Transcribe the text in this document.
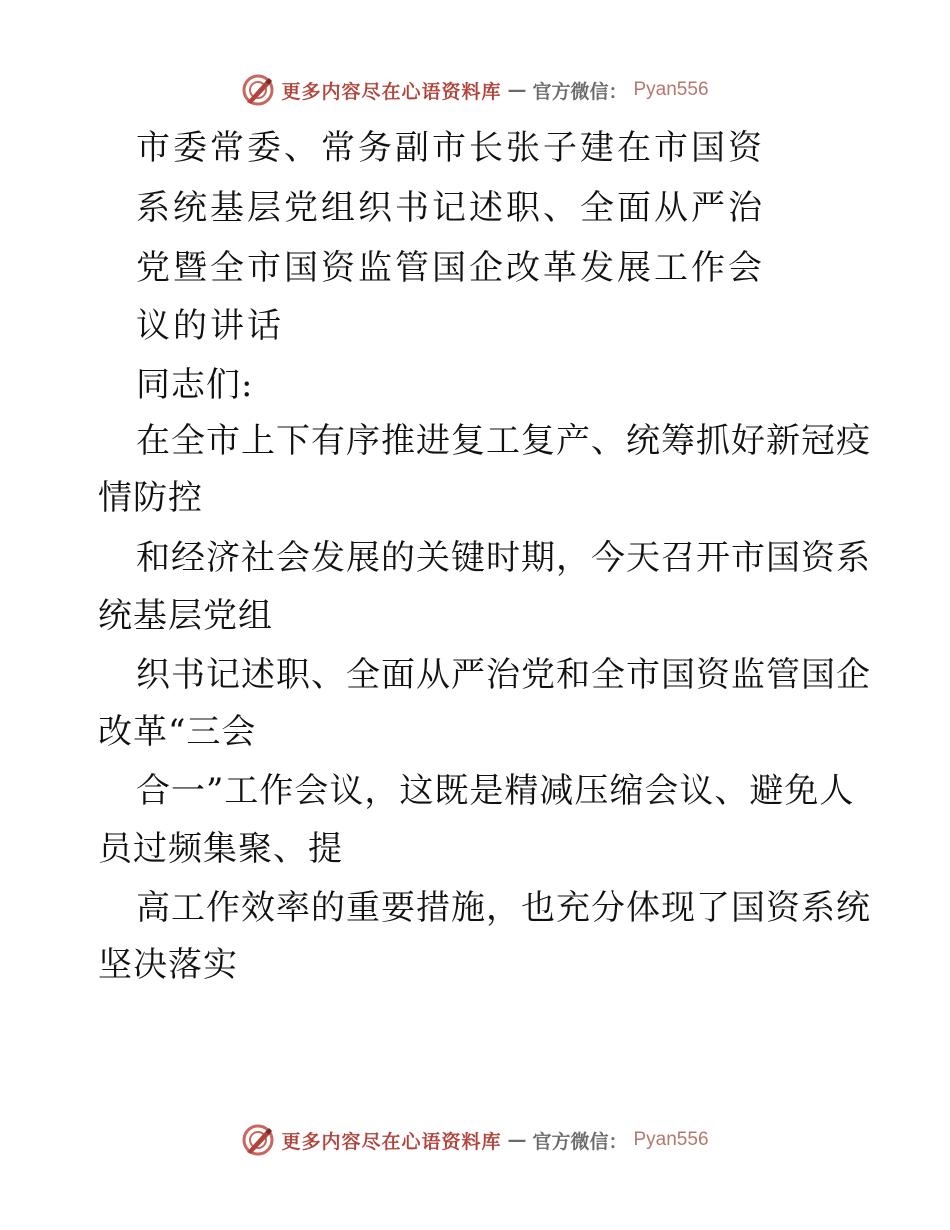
更多内容尽在心语资料库 — 官方微信： Pyan556
市委常委、常务副市长张子建在市国资
系统基层党组织书记述职、全面从严治
党暨全市国资监管国企改革发展工作会
议的讲话
同志们:
在全市上下有序推进复工复产、统筹抓好新冠疫
情防控
和经济社会发展的关键时期，今天召开市国资系
统基层党组
织书记述职、全面从严治党和全市国资监管国企
改革“三会
合一”工作会议，这既是精减压缩会议、避免人
员过频集聚、提
高工作效率的重要措施，也充分体现了国资系统
坚决落实
更多内容尽在心语资料库 — 官方微信： Pyan556
